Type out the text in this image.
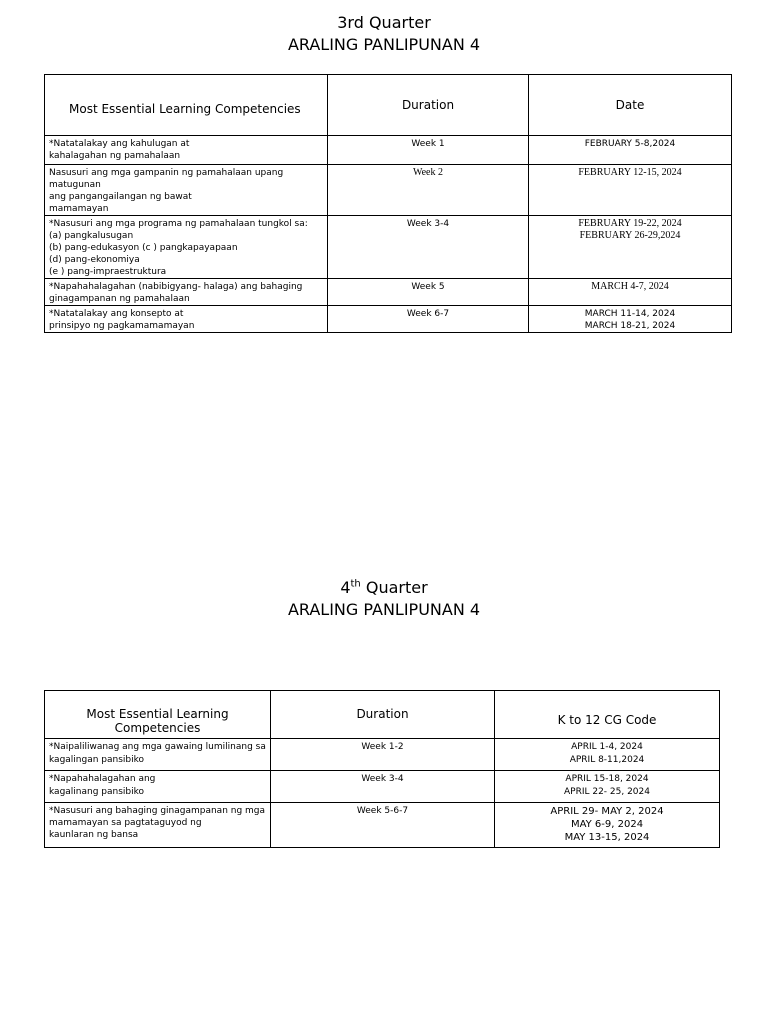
3rd Quarter
ARALING PANLIPUNAN 4
Most Essential Learning Competencies	Duration	Date
*Natatalakay ang kahulugan at
kahalagahan ng pamahalaan	Week 1	FEBRUARY 5-8,2024
Nasusuri ang mga gampanin ng pamahalaan upang matugunan
ang pangangailangan ng bawat
mamamayan	Week 2	FEBRUARY 12-15, 2024
*Nasusuri ang mga programa ng pamahalaan tungkol sa:
(a) pangkalusugan
(b) pang-edukasyon (c ) pangkapayapaan
(d) pang-ekonomiya
(e ) pang-impraestruktura	Week 3-4	FEBRUARY 19-22, 2024
FEBRUARY 26-29,2024
*Napahahalagahan (nabibigyang- halaga) ang bahaging
ginagampanan ng pamahalaan	Week 5	MARCH 4-7, 2024
*Natatalakay ang konsepto at
prinsipyo ng pagkamamamayan	Week 6-7	MARCH 11-14, 2024
MARCH 18-21, 2024
4th Quarter
ARALING PANLIPUNAN 4
Most Essential Learning Competencies	Duration	K to 12 CG Code
*Naipaliliwanag ang mga gawaing lumilinang sa
kagalingan pansibiko	Week 1-2	APRIL 1-4, 2024
APRIL 8-11,2024
*Napahahalagahan ang
kagalinang pansibiko	Week 3-4	APRIL 15-18, 2024
APRIL 22- 25, 2024
*Nasusuri ang bahaging ginagampanan ng mga
mamamayan sa pagtataguyod ng
kaunlaran ng bansa	Week 5-6-7	APRIL 29- MAY 2, 2024
MAY 6-9, 2024
MAY 13-15, 2024
